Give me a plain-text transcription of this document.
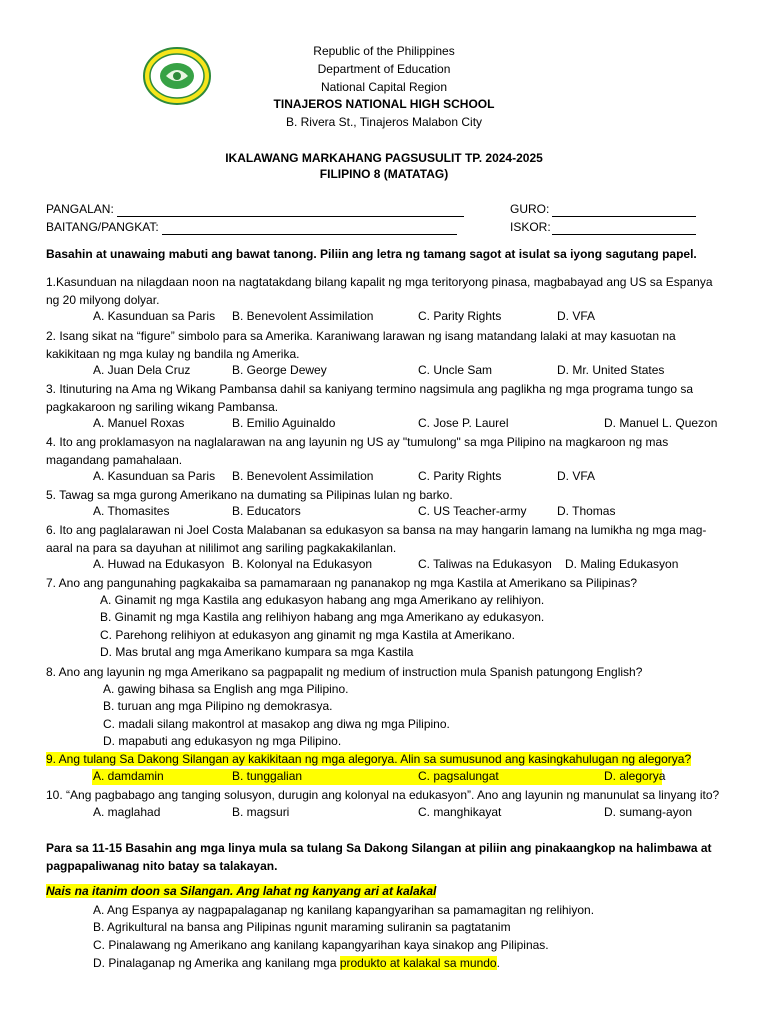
Republic of the Philippines
Department of Education
National Capital Region
TINAJEROS NATIONAL HIGH SCHOOL
B. Rivera St., Tinajeros Malabon City
IKALAWANG MARKAHANG PAGSUSULIT TP. 2024-2025
FILIPINO 8 (MATATAG)
PANGALAN:
BAITANG/PANGKAT:
GURO:
ISKOR:
Basahin at unawaing mabuti ang bawat tanong. Piliin ang letra ng tamang sagot at isulat sa iyong sagutang papel.
1.Kasunduan na nilagdaan noon na nagtatakdang bilang kapalit ng mga teritoryong pinasa, magbabayad ang US sa Espanya ng 20 milyong dolyar.
A. Kasunduan sa Paris B. Benevolent Assimilation	C. Parity Rights	D. VFA
2. Isang sikat na “figure” simbolo para sa Amerika. Karaniwang larawan ng isang matandang lalaki at may kasuotan na kakikitaan ng mga kulay ng bandila ng Amerika.
A. Juan Dela Cruz	B. George Dewey	C. Uncle Sam	D. Mr. United States
3. Itinuturing na Ama ng Wikang Pambansa dahil sa kaniyang termino nagsimula ang paglikha ng mga programa tungo sa pagkakaroon ng sariling wikang Pambansa.
A. Manuel Roxas	B. Emilio Aguinaldo	C. Jose P. Laurel	D. Manuel L. Quezon
4. Ito ang proklamasyon na naglalarawan na ang layunin ng US ay "tumulong" sa mga Pilipino na magkaroon ng mas magandang pamahalaan.
A. Kasunduan sa Paris B. Benevolent Assimilation	C. Parity Rights	D. VFA
5. Tawag sa mga gurong Amerikano na dumating sa Pilipinas lulan ng barko.
A. Thomasites	B. Educators	C. US Teacher-army	D. Thomas
6. Ito ang paglalarawan ni Joel Costa Malabanan sa edukasyon sa bansa na may hangarin lamang na lumikha ng mga mag-aaral na para sa dayuhan at nililimot ang sariling pagkakakilanlan.
A. Huwad na Edukasyon B. Kolonyal na Edukasyon	C. Taliwas na Edukasyon D. Maling Edukasyon
7. Ano ang pangunahing pagkakaiba sa pamamaraan ng pananakop ng mga Kastila at Amerikano sa Pilipinas?
A. Ginamit ng mga Kastila ang edukasyon habang ang mga Amerikano ay relihiyon.
B. Ginamit ng mga Kastila ang relihiyon habang ang mga Amerikano ay edukasyon.
C. Parehong relihiyon at edukasyon ang ginamit ng mga Kastila at Amerikano.
D. Mas brutal ang mga Amerikano kumpara sa mga Kastila
8. Ano ang layunin ng mga Amerikano sa pagpapalit ng medium of instruction mula Spanish patungong English?
A. gawing bihasa sa English ang mga Pilipino.
B. turuan ang mga Pilipino ng demokrasya.
C. madali silang makontrol at masakop ang diwa ng mga Pilipino.
D. mapabuti ang edukasyon ng mga Pilipino.
9. Ang tulang Sa Dakong Silangan ay kakikitaan ng mga alegorya. Alin sa sumusunod ang kasingkahulugan ng alegorya?
A. damdamin	B. tunggalian	C. pagsalungat	D. alegorya
10. “Ang pagbabago ang tanging solusyon, durugin ang kolonyal na edukasyon”. Ano ang layunin ng manunulat sa linyang ito?
A. maglahad	B. magsuri	C. manghikayat	D. sumang-ayon
Para sa 11-15 Basahin ang mga linya mula sa tulang Sa Dakong Silangan at piliin ang pinakaangkop na halimbawa at pagpapaliwanag nito batay sa talakayan.
Nais na itanim doon sa Silangan. Ang lahat ng kanyang ari at kalakal
A. Ang Espanya ay nagpapalaganap ng kanilang kapangyarihan sa pamamagitan ng relihiyon.
B. Agrikultural na bansa ang Pilipinas ngunit maraming suliranin sa pagtatanim
C. Pinalawang ng Amerikano ang kanilang kapangyarihan kaya sinakop ang Pilipinas.
D. Pinalaganap ng Amerika ang kanilang mga produkto at kalakal sa mundo.
